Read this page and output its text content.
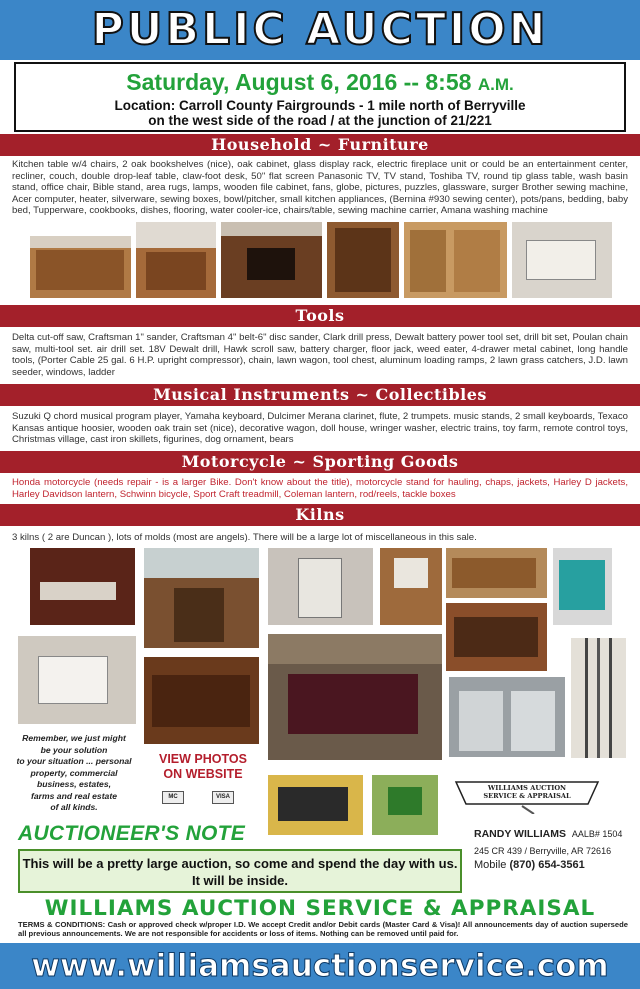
PUBLIC AUCTION
Saturday, August 6, 2016 -- 8:58 A.M.
Location: Carroll County Fairgrounds - 1 mile north of Berryville
on the west side of the road / at the junction of 21/221
Household ~ Furniture
Kitchen table w/4 chairs, 2 oak bookshelves (nice), oak cabinet, glass display rack, electric fireplace unit or could be an entertainment center, recliner, couch, double drop-leaf table, claw-foot desk, 50" flat screen Panasonic TV, TV stand, Toshiba TV, round tip glass table, wash basin stand, office chair, Bible stand, area rugs, lamps, wooden file cabinet, fans, globe, pictures, puzzles, glassware, surger Brother sewing machine, Acer computer, heater, silverware, sewing boxes, bowl/pitcher, small kitchen appliances, (Bernina #930 sewing center), pots/pans, bedding, baby bed, Tupperware, cookbooks, dishes, flooring, water cooler-ice, chairs/table, sewing machine carrier, Amana washing machine
Tools
Delta cut-off saw, Craftsman 1" sander, Craftsman 4" belt-6" disc sander, Clark drill press, Dewalt battery power tool set, drill bit set, Poulan chain saw, multi-tool set. air drill set. 18V Dewalt drill, Hawk scroll saw, battery charger, floor jack, weed eater, 4-drawer metal cabinet, long handle tools, (Porter Cable 25 gal. 6 H.P. upright compressor), chain, lawn wagon, tool chest, aluminum loading ramps, 2 lawn grass catchers, J.D. lawn seeder, windows, ladder
Musical Instruments ~ Collectibles
Suzuki Q chord musical program player, Yamaha keyboard, Dulcimer Merana clarinet, flute, 2 trumpets. music stands, 2 small keyboards, Texaco Kansas antique hoosier, wooden oak train set (nice), decorative wagon, doll house, wringer washer, electric trains, toy farm, remote control toys, Christmas village, cast iron skillets, figurines, dog ornament, bears
Motorcycle ~ Sporting Goods
Honda motorcycle (needs repair - is a larger Bike. Don't know about the title), motorcycle stand for hauling, chaps, jackets, Harley D jackets, Harley Davidson lantern, Schwinn bicycle, Sport Craft treadmill, Coleman lantern, rod/reels, tackle boxes
Kilns
3 kilns ( 2 are Duncan ), lots of molds (most are angels). There will be a large lot of miscellaneous in this sale.
Remember, we just might
be your solution
to your situation ... personal
property, commercial
business, estates,
farms and real estate
of all kinds.
VIEW PHOTOS
ON WEBSITE
MC	VISA
WILLIAMS AUCTION
SERVICE & APPRAISAL
RANDY WILLIAMS AALB# 1504
245 CR 439 / Berryville, AR 72616
Mobile (870) 654-3561
AUCTIONEER'S NOTE
This will be a pretty large auction, so come and spend the day with us.
It will be inside.
WILLIAMS AUCTION SERVICE & APPRAISAL
TERMS & CONDITIONS: Cash or approved check w/proper I.D. We accept Credit and/or Debit cards (Master Card & Visa)! All announcements day of auction supersede all previous announcements. We are not responsible for accidents or loss of items. Nothing can be removed until paid for.
www.williamsauctionservice.com
